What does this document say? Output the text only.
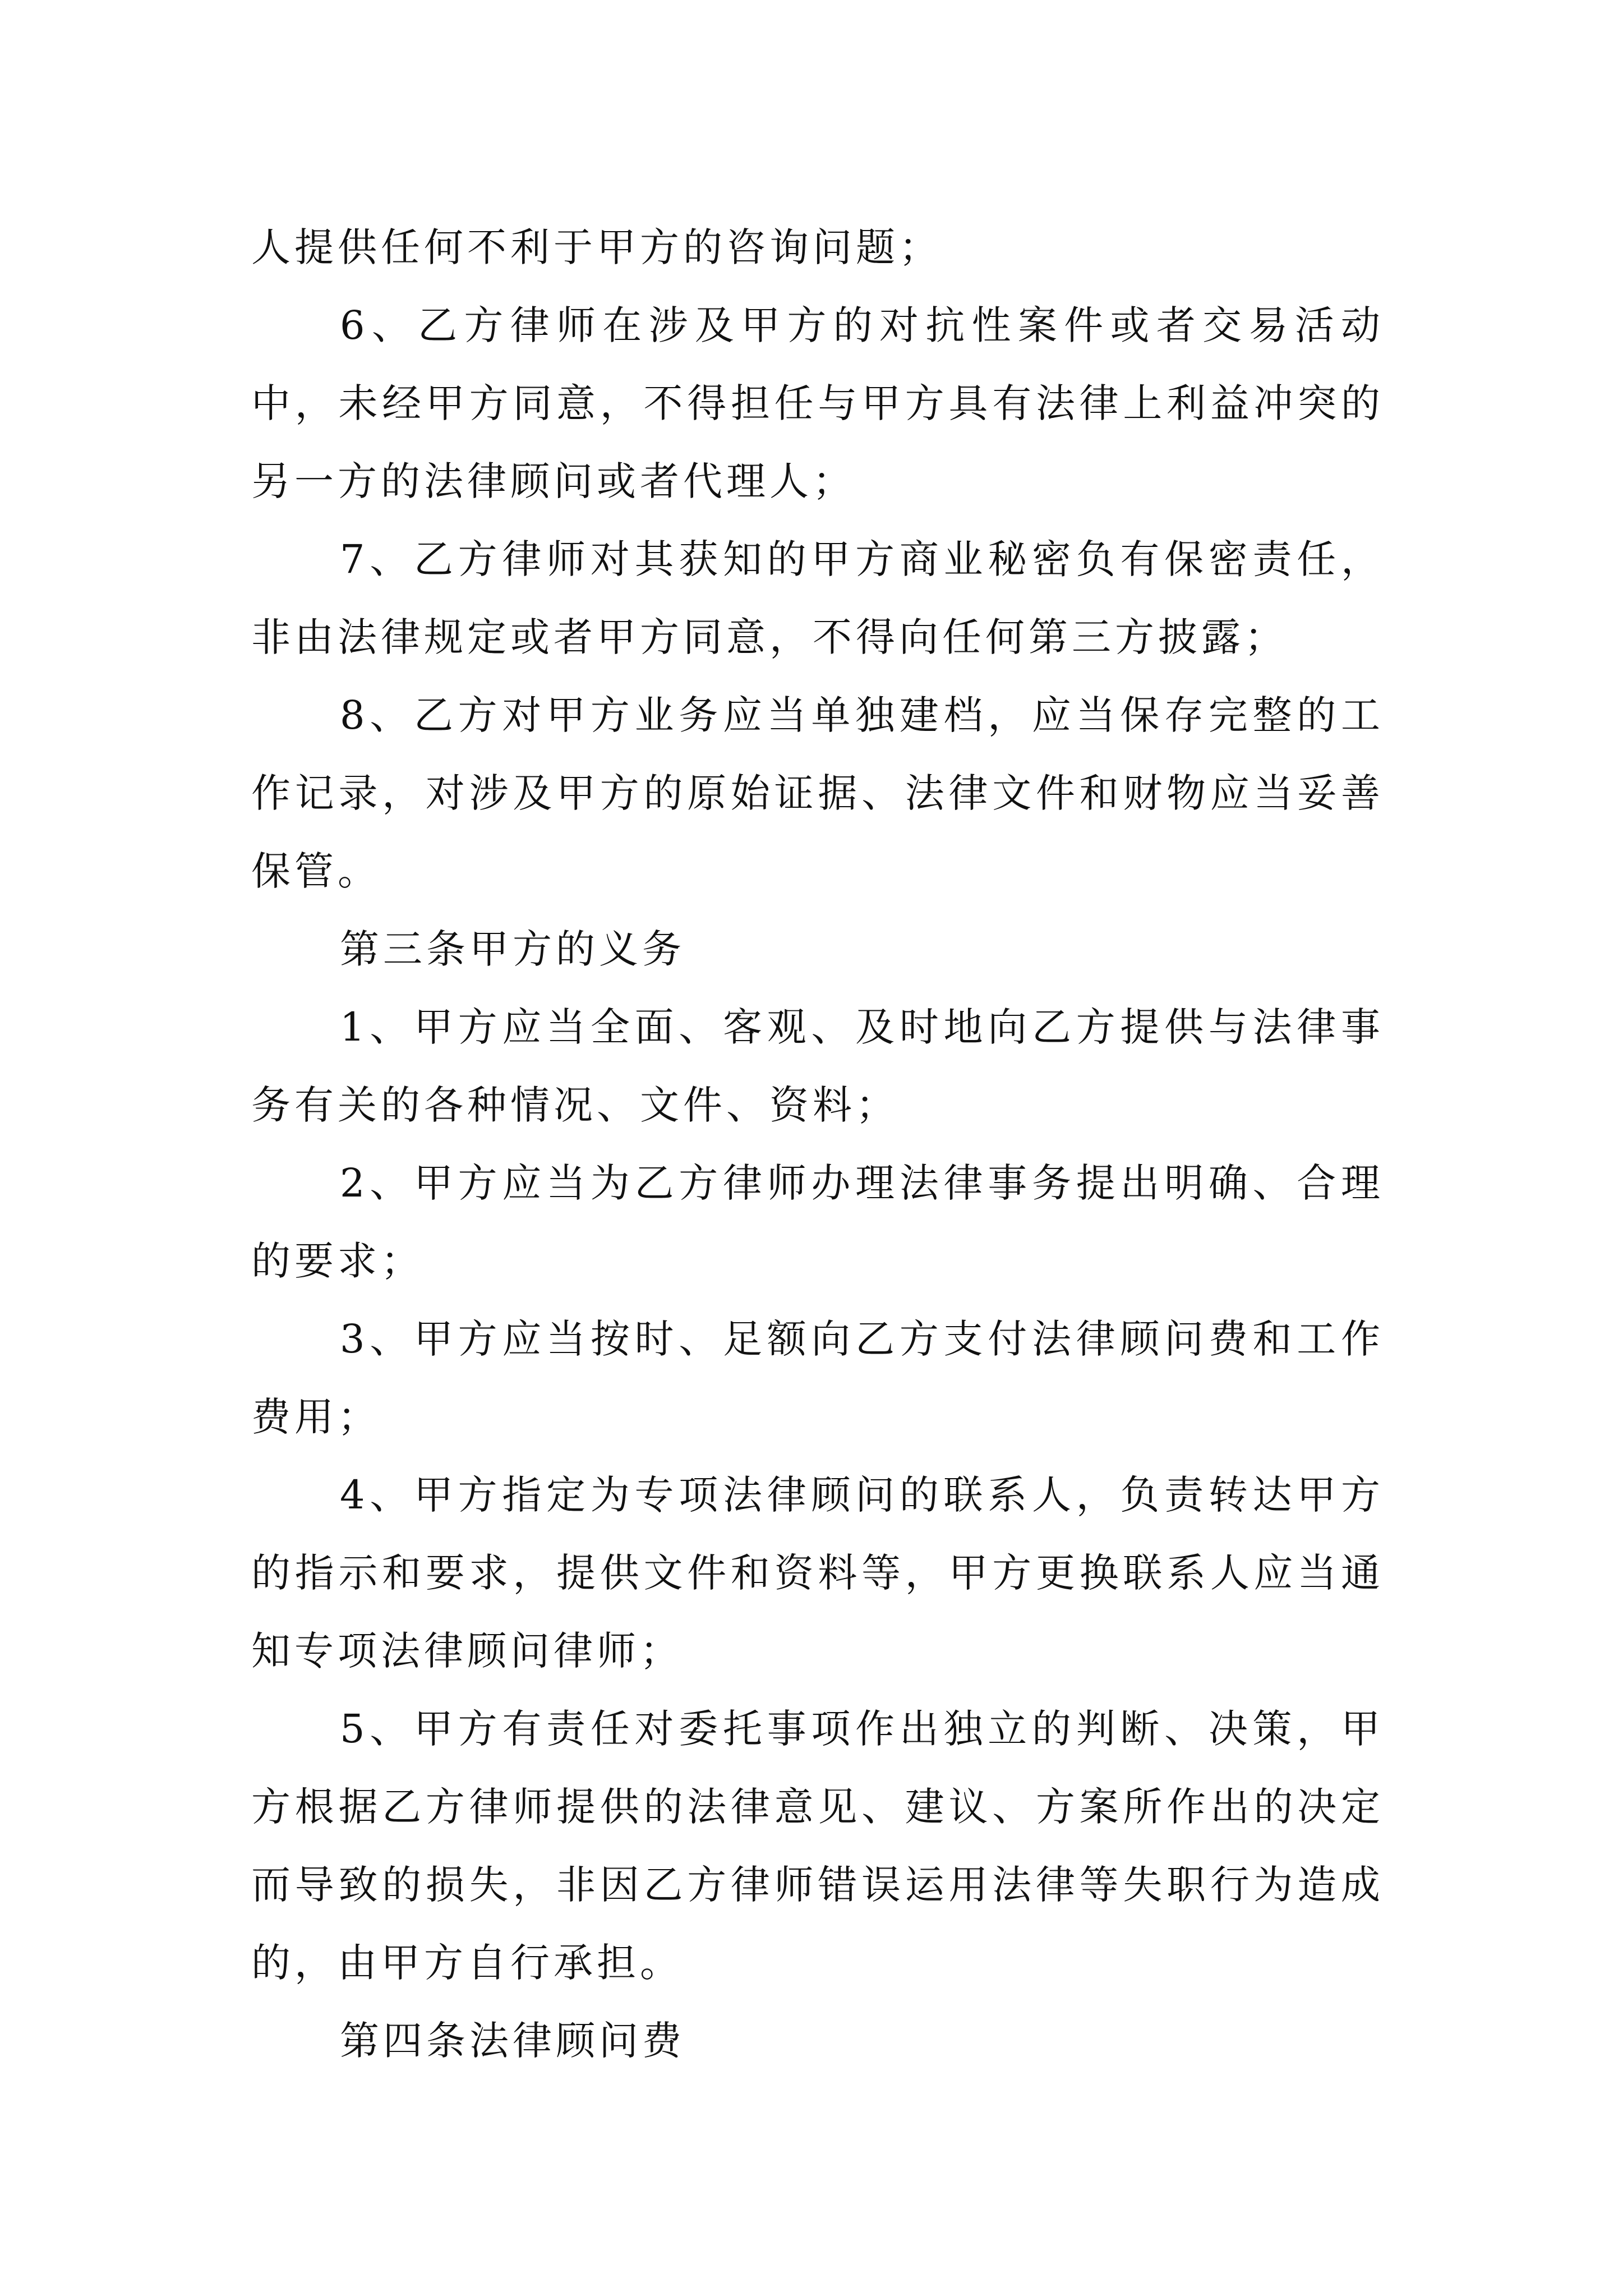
人提供任何不利于甲方的咨询问题；

6、乙方律师在涉及甲方的对抗性案件或者交易活动中，未经甲方同意，不得担任与甲方具有法律上利益冲突的另一方的法律顾问或者代理人；

7、乙方律师对其获知的甲方商业秘密负有保密责任，非由法律规定或者甲方同意，不得向任何第三方披露；

8、乙方对甲方业务应当单独建档，应当保存完整的工作记录，对涉及甲方的原始证据、法律文件和财物应当妥善保管。

第三条甲方的义务

1、甲方应当全面、客观、及时地向乙方提供与法律事务有关的各种情况、文件、资料；

2、甲方应当为乙方律师办理法律事务提出明确、合理的要求；

3、甲方应当按时、足额向乙方支付法律顾问费和工作费用；

4、甲方指定为专项法律顾问的联系人，负责转达甲方的指示和要求，提供文件和资料等，甲方更换联系人应当通知专项法律顾问律师；

5、甲方有责任对委托事项作出独立的判断、决策，甲方根据乙方律师提供的法律意见、建议、方案所作出的决定而导致的损失，非因乙方律师错误运用法律等失职行为造成的，由甲方自行承担。

第四条法律顾问费
